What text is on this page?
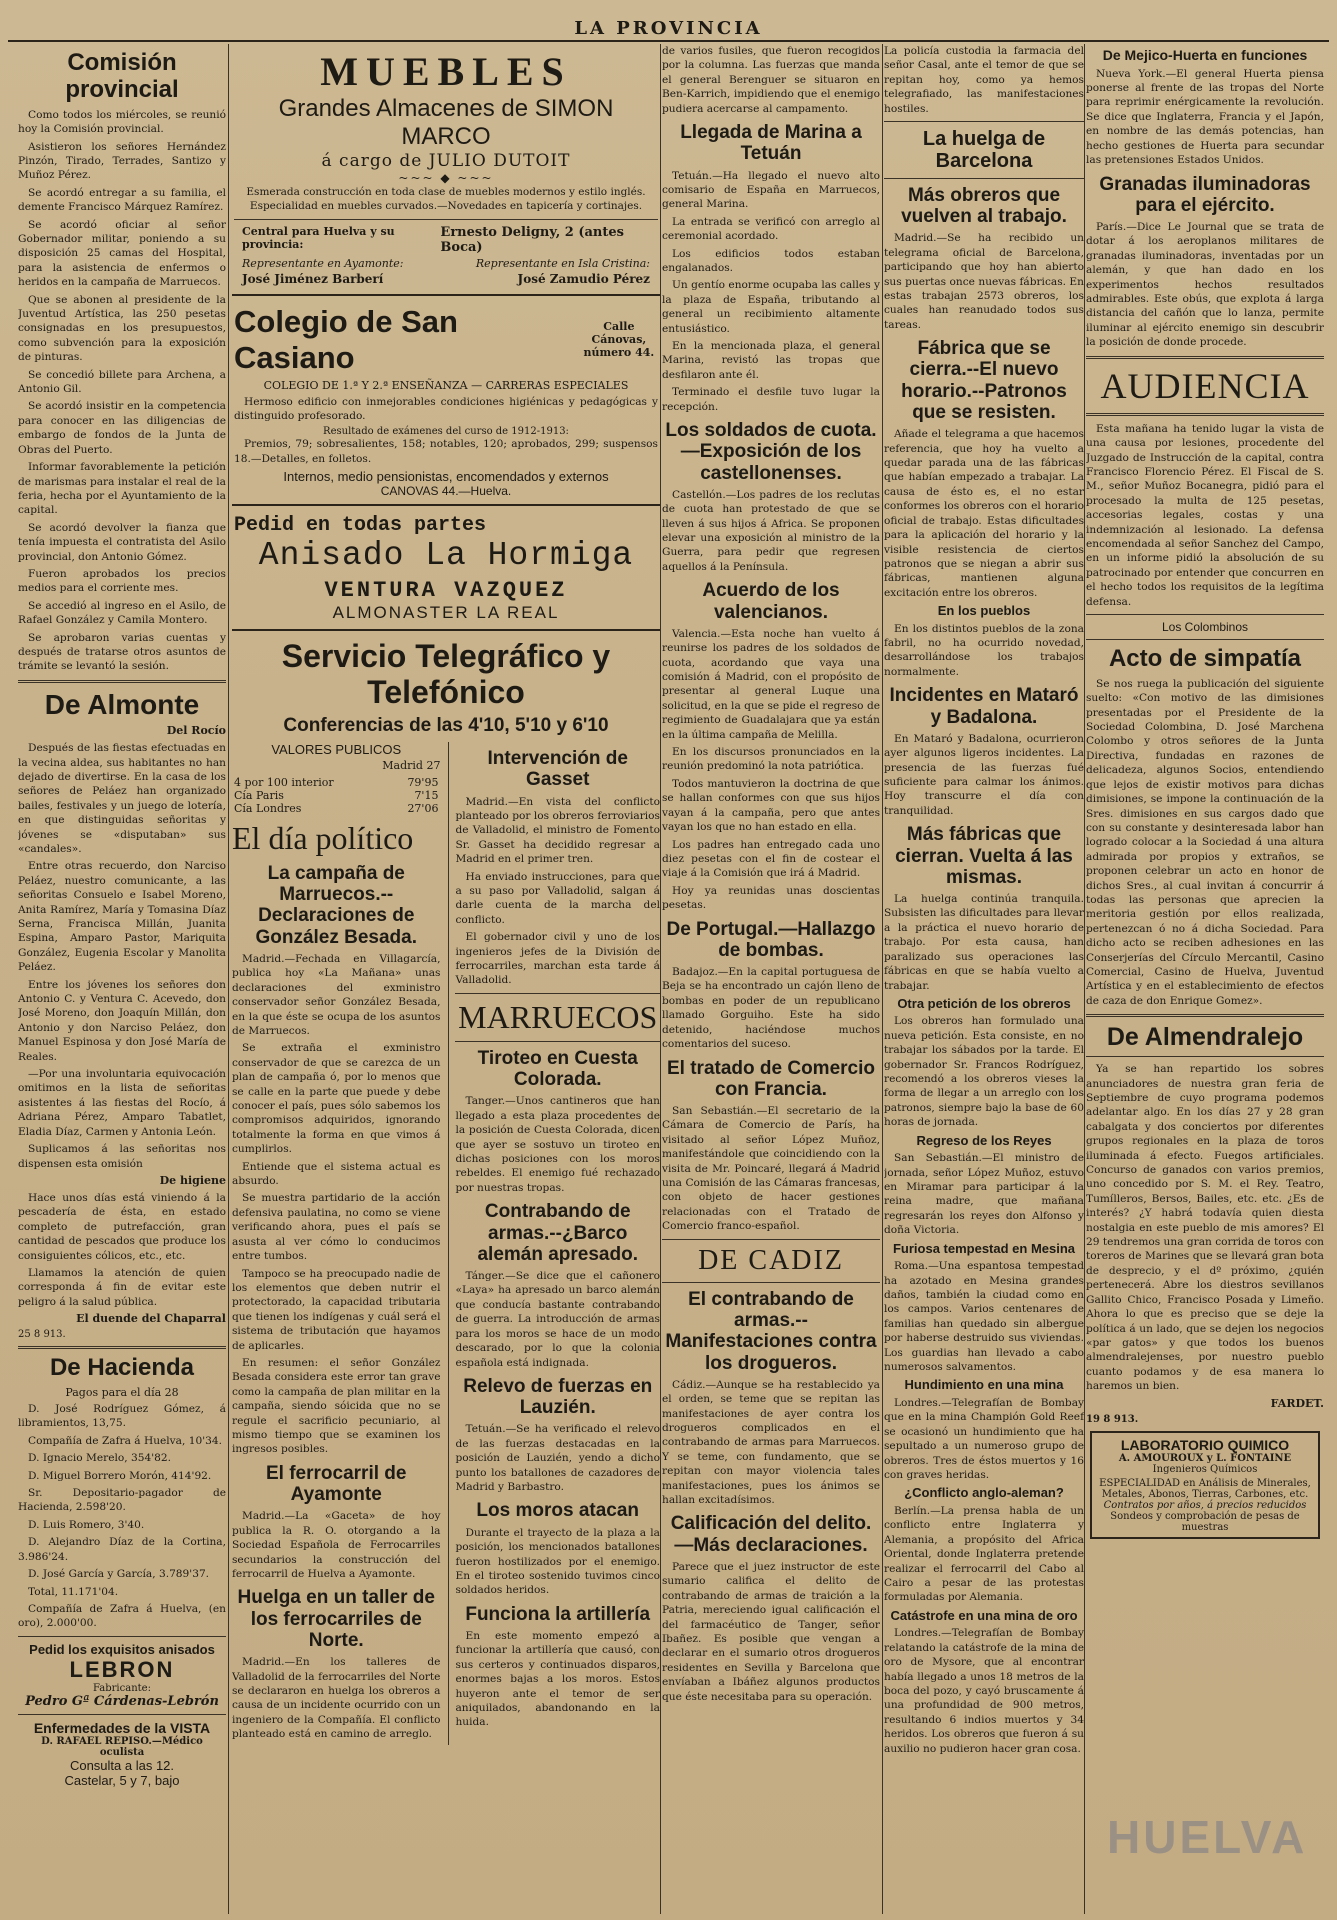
LA PROVINCIA
Comisión provincial

Como todos los miércoles, se reunió hoy la Comisión provincial.

Asistieron los señores Hernández Pinzón, Tirado, Terrades, Santizo y Muñoz Pérez.

Se acordó entregar a su familia, el demente Francisco Márquez Ramírez.

Se acordó oficiar al señor Gobernador militar, poniendo a su disposición 25 camas del Hospital, para la asistencia de enfermos o heridos en la campaña de Marruecos.

Que se abonen al presidente de la Juventud Artística, las 250 pesetas consignadas en los presupuestos, como subvención para la exposición de pinturas.

Se concedió billete para Archena, a Antonio Gil.

Se acordó insistir en la competencia para conocer en las diligencias de embargo de fondos de la Junta de Obras del Puerto.

Informar favorablemente la petición de marismas para instalar el real de la feria, hecha por el Ayuntamiento de la capital.

Se acordó devolver la fianza que tenía impuesta el contratista del Asilo provincial, don Antonio Gómez.

Fueron aprobados los precios medios para el corriente mes.

Se accedió al ingreso en el Asilo, de Rafael González y Camila Montero.

Se aprobaron varias cuentas y después de tratarse otros asuntos de trámite se levantó la sesión.

De Almonte
Del Rocío

Después de las fiestas efectuadas en la vecina aldea, sus habitantes no han dejado de divertirse. En la casa de los señores de Peláez han organizado bailes, festivales y un juego de lotería, en que distinguidas señoritas y jóvenes se «disputaban» sus «candales».

Entre otras recuerdo, don Narciso Peláez, nuestro comunicante, a las señoritas Consuelo e Isabel Moreno, Anita Ramírez, María y Tomasina Díaz Serna, Francisca Millán, Juanita Espina, Amparo Pastor, Mariquita González, Eugenia Escolar y Manolita Peláez.

Entre los jóvenes los señores don Antonio C. y Ventura C. Acevedo, don José Moreno, don Joaquín Millán, don Antonio y don Narciso Peláez, don Manuel Espinosa y don José María de Reales.

—Por una involuntaria equivocación omitimos en la lista de señoritas asistentes á las fiestas del Rocío, á Adriana Pérez, Amparo Tabatlet, Eladia Díaz, Carmen y Antonia León.

Suplicamos á las señoritas nos dispensen esta omisión

De higiene

Hace unos días está viniendo á la pescadería de ésta, en estado completo de putrefacción, gran cantidad de pescados que produce los consiguientes cólicos, etc., etc.

Llamamos la atención de quien corresponda á fin de evitar este peligro á la salud pública.

El duende del Chaparral
25 8 913.
De Hacienda
Pagos para el día 28

D. José Rodríguez Gómez, á libramientos, 13,75.

Compañía de Zafra á Huelva, 10'34.

D. Ignacio Merelo, 354'82.

D. Miguel Borrero Morón, 414'92.

Sr. Depositario-pagador de Hacienda, 2.598'20.

D. Luis Romero, 3'40.

D. Alejandro Díaz de la Cortina, 3.986'24.

D. José García y García, 3.789'37.

Total, 11.171'04.

Compañía de Zafra á Huelva, (en oro), 2.000'00.

Pedid los exquisitos anisados
LEBRON
Fabricante:
Pedro Gª Cárdenas-Lebrón
Enfermedades de la VISTA
D. RAFAEL REPISO.—Médico oculista
Consulta a las 12.
Castelar, 5 y 7, bajo
MUEBLES
Grandes Almacenes de SIMON MARCO
á cargo de JULIO DUTOIT
~~~ ◆ ~~~

Esmerada construcción en toda clase de muebles modernos y estilo inglés. Especialidad en muebles curvados.—Novedades en tapicería y cortinajes.

Central para Huelva y su provincia:
Ernesto Deligny, 2 (antes Boca)
Representante en Ayamonte:	Representante en Isla Cristina:
José Jiménez Barberí	José Zamudio Pérez
Colegio de San Casiano
Calle Cánovas, número 44.
COLEGIO DE 1.ª Y 2.ª ENSEÑANZA — CARRERAS ESPECIALES

Hermoso edificio con inmejorables condiciones higiénicas y pedagógicas y distinguido profesorado.

Resultado de exámenes del curso de 1912-1913:

Premios, 79; sobresalientes, 158; notables, 120; aprobados, 299; suspensos 18.—Detalles, en folletos.

Internos, medio pensionistas, encomendados y externos
CANOVAS 44.—Huelva.
Pedid en todas partes
Anisado La Hormiga
VENTURA VAZQUEZ
ALMONASTER LA REAL
Servicio Telegráfico y Telefónico
Conferencias de las 4'10, 5'10 y 6'10
VALORES PUBLICOS
Madrid 27
4 por 100 interior	79'95
Cía Paris	7'15
Cía Londres	27'06
El día político
La campaña de Marruecos.--Declaraciones de González Besada.

Madrid.—Fechada en Villagarcía, publica hoy «La Mañana» unas declaraciones del exministro conservador señor González Besada, en la que éste se ocupa de los asuntos de Marruecos.

Se extraña el exministro conservador de que se carezca de un plan de campaña ó, por lo menos que se calle en la parte que puede y debe conocer el país, pues sólo sabemos los compromisos adquiridos, ignorando totalmente la forma en que vimos á cumplirlos.

Entiende que el sistema actual es absurdo.

Se muestra partidario de la acción defensiva paulatina, no como se viene verificando ahora, pues el país se asusta al ver cómo lo conducimos entre tumbos.

Tampoco se ha preocupado nadie de los elementos que deben nutrir el protectorado, la capacidad tributaria que tienen los indígenas y cuál será el sistema de tributación que hayamos de aplicarles.

En resumen: el señor González Besada considera este error tan grave como la campaña de plan militar en la campaña, siendo sóicida que no se regule el sacrificio pecuniario, al mismo tiempo que se examinen los ingresos posibles.

El ferrocarril de Ayamonte

Madrid.—La «Gaceta» de hoy publica la R. O. otorgando a la Sociedad Española de Ferrocarriles secundarios la construcción del ferrocarril de Huelva a Ayamonte.

Huelga en un taller de los ferrocarriles de Norte.

Madrid.—En los talleres de Valladolid de la ferrocarriles del Norte se declararon en huelga los obreros a causa de un incidente ocurrido con un ingeniero de la Compañía. El conflicto planteado está en camino de arreglo.

Intervención de Gasset

Madrid.—En vista del conflicto planteado por los obreros ferroviarios de Valladolid, el ministro de Fomento Sr. Gasset ha decidido regresar a Madrid en el primer tren.

Ha enviado instrucciones, para que a su paso por Valladolid, salgan á darle cuenta de la marcha del conflicto.

El gobernador civil y uno de los ingenieros jefes de la División de ferrocarriles, marchan esta tarde á Valladolid.

MARRUECOS
Tiroteo en Cuesta Colorada.

Tanger.—Unos cantineros que han llegado a esta plaza procedentes de la posición de Cuesta Colorada, dicen que ayer se sostuvo un tiroteo en dichas posiciones con los moros rebeldes. El enemigo fué rechazado por nuestras tropas.

Contrabando de armas.--¿Barco alemán apresado.

Tánger.—Se dice que el cañonero «Laya» ha apresado un barco alemán que conducía bastante contrabando de guerra. La introducción de armas para los moros se hace de un modo descarado, por lo que la colonia española está indignada.

Relevo de fuerzas en Lauzién.

Tetuán.—Se ha verificado el relevo de las fuerzas destacadas en la posición de Lauzién, yendo a dicho punto los batallones de cazadores de Madrid y Barbastro.

Los moros atacan

Durante el trayecto de la plaza a la posición, los mencionados batallones fueron hostilizados por el enemigo. En el tiroteo sostenido tuvimos cinco soldados heridos.

Funciona la artillería

En este momento empezó a funcionar la artillería que causó, con sus certeros y continuados disparos, enormes bajas a los moros. Estos huyeron ante el temor de ser aniquilados, abandonando en la huida.

de varios fusiles, que fueron recogidos por la columna. Las fuerzas que manda el general Berenguer se situaron en Ben-Karrich, impidiendo que el enemigo pudiera acercarse al campamento.

Llegada de Marina a Tetuán

Tetuán.—Ha llegado el nuevo alto comisario de España en Marruecos, general Marina.

La entrada se verificó con arreglo al ceremonial acordado.

Los edificios todos estaban engalanados.

Un gentío enorme ocupaba las calles y la plaza de España, tributando al general un recibimiento altamente entusiástico.

En la mencionada plaza, el general Marina, revistó las tropas que desfilaron ante él.

Terminado el desfile tuvo lugar la recepción.

Los soldados de cuota.—Exposición de los castellonenses.

Castellón.—Los padres de los reclutas de cuota han protestado de que se lleven á sus hijos á Africa. Se proponen elevar una exposición al ministro de la Guerra, para pedir que regresen aquellos á la Península.

Acuerdo de los valencianos.

Valencia.—Esta noche han vuelto á reunirse los padres de los soldados de cuota, acordando que vaya una comisión á Madrid, con el propósito de presentar al general Luque una solicitud, en la que se pide el regreso de regimiento de Guadalajara que ya están en la última campaña de Melilla.

En los discursos pronunciados en la reunión predominó la nota patriótica.

Todos mantuvieron la doctrina de que se hallan conformes con que sus hijos vayan á la campaña, pero que antes vayan los que no han estado en ella.

Los padres han entregado cada uno diez pesetas con el fin de costear el viaje á la Comisión que irá á Madrid.

Hoy ya reunidas unas doscientas pesetas.

De Portugal.—Hallazgo de bombas.

Badajoz.—En la capital portuguesa de Beja se ha encontrado un cajón lleno de bombas en poder de un republicano llamado Gorguiho. Este ha sido detenido, haciéndose muchos comentarios del suceso.

El tratado de Comercio con Francia.

San Sebastián.—El secretario de la Cámara de Comercio de París, ha visitado al señor López Muñoz, manifestándole que coincidiendo con la visita de Mr. Poincaré, llegará á Madrid una Comisión de las Cámaras francesas, con objeto de hacer gestiones relacionadas con el Tratado de Comercio franco-español.

DE CADIZ
El contrabando de armas.--Manifestaciones contra los drogueros.

Cádiz.—Aunque se ha restablecido ya el orden, se teme que se repitan las manifestaciones de ayer contra los drogueros complicados en el contrabando de armas para Marruecos. Y se teme, con fundamento, que se repitan con mayor violencia tales manifestaciones, pues los ánimos se hallan excitadísimos.

Calificación del delito.—Más declaraciones.

Parece que el juez instructor de este sumario califica el delito de contrabando de armas de traición a la Patria, mereciendo igual calificación el del farmacéutico de Tanger, señor Ibañez. Es posible que vengan a declarar en el sumario otros drogueros residentes en Sevilla y Barcelona que envíaban a Ibáñez algunos productos que éste necesitaba para su operación.

La policía custodia la farmacia del señor Casal, ante el temor de que se repitan hoy, como ya hemos telegrafiado, las manifestaciones hostiles.

La huelga de Barcelona
Más obreros que vuelven al trabajo.

Madrid.—Se ha recibido un telegrama oficial de Barcelona, participando que hoy han abierto sus puertas once nuevas fábricas. En estas trabajan 2573 obreros, los cuales han reanudado todos sus tareas.

Fábrica que se cierra.--El nuevo horario.--Patronos que se resisten.

Añade el telegrama a que hacemos referencia, que hoy ha vuelto a quedar parada una de las fábricas que habían empezado a trabajar. La causa de ésto es, el no estar conformes los obreros con el horario oficial de trabajo. Estas dificultades para la aplicación del horario y la visible resistencia de ciertos patronos que se niegan a abrir sus fábricas, mantienen alguna excitación entre los obreros.

En los pueblos

En los distintos pueblos de la zona fabril, no ha ocurrido novedad, desarrollándose los trabajos normalmente.

Incidentes en Mataró y Badalona.

En Mataró y Badalona, ocurrieron ayer algunos ligeros incidentes. La presencia de las fuerzas fué suficiente para calmar los ánimos. Hoy transcurre el día con tranquilidad.

Más fábricas que cierran. Vuelta á las mismas.

La huelga continúa tranquila. Subsisten las dificultades para llevar a la práctica el nuevo horario de trabajo. Por esta causa, han paralizado sus operaciones las fábricas en que se había vuelto a trabajar.

Otra petición de los obreros

Los obreros han formulado una nueva petición. Esta consiste, en no trabajar los sábados por la tarde. El gobernador Sr. Francos Rodríguez, recomendó a los obreros vieses la forma de llegar a un arreglo con los patronos, siempre bajo la base de 60 horas de jornada.

Regreso de los Reyes

San Sebastián.—El ministro de jornada, señor López Muñoz, estuvo en Miramar para participar á la reina madre, que mañana regresarán los reyes don Alfonso y doña Victoria.

Furiosa tempestad en Mesina

Roma.—Una espantosa tempestad ha azotado en Mesina grandes daños, también la ciudad como en los campos. Varios centenares de familias han quedado sin albergue por haberse destruido sus viviendas. Los guardias han llevado a cabo numerosos salvamentos.

Hundimiento en una mina

Londres.—Telegrafían de Bombay que en la mina Champión Gold Reef se ocasionó un hundimiento que ha sepultado a un numeroso grupo de obreros. Tres de éstos muertos y 16 con graves heridas.

¿Conflicto anglo-aleman?

Berlín.—La prensa habla de un conflicto entre Inglaterra y Alemania, a propósito del Africa Oriental, donde Inglaterra pretende realizar el ferrocarril del Cabo al Cairo a pesar de las protestas formuladas por Alemania.

Catástrofe en una mina de oro

Londres.—Telegrafían de Bombay relatando la catástrofe de la mina de oro de Mysore, que al encontrar había llegado a unos 18 metros de la boca del pozo, y cayó bruscamente á una profundidad de 900 metros, resultando 6 indios muertos y 34 heridos. Los obreros que fueron á su auxilio no pudieron hacer gran cosa.

De Mejico-Huerta en funciones

Nueva York.—El general Huerta piensa ponerse al frente de las tropas del Norte para reprimir enérgicamente la revolución. Se dice que Inglaterra, Francia y el Japón, en nombre de las demás potencias, han hecho gestiones de Huerta para secundar las pretensiones Estados Unidos.

Granadas iluminadoras para el ejército.

París.—Dice Le Journal que se trata de dotar á los aeroplanos militares de granadas iluminadoras, inventadas por un alemán, y que han dado en los experimentos hechos resultados admirables. Este obús, que explota á larga distancia del cañón que lo lanza, permite iluminar al ejército enemigo sin descubrir la posición de donde procede.

AUDIENCIA

Esta mañana ha tenido lugar la vista de una causa por lesiones, procedente del Juzgado de Instrucción de la capital, contra Francisco Florencio Pérez. El Fiscal de S. M., señor Muñoz Bocanegra, pidió para el procesado la multa de 125 pesetas, accesorias legales, costas y una indemnización al lesionado. La defensa encomendada al señor Sanchez del Campo, en un informe pidió la absolución de su patrocinado por entender que concurren en el hecho todos los requisitos de la legítima defensa.

Los Colombinos
Acto de simpatía

Se nos ruega la publicación del siguiente suelto: «Con motivo de las dimisiones presentadas por el Presidente de la Sociedad Colombina, D. José Marchena Colombo y otros señores de la Junta Directiva, fundadas en razones de delicadeza, algunos Socios, entendiendo que lejos de existir motivos para dichas dimisiones, se impone la continuación de la Sres. dimisiones en sus cargos dado que con su constante y desinteresada labor han logrado colocar a la Sociedad á una altura admirada por propios y extraños, se proponen celebrar un acto en honor de dichos Sres., al cual invitan á concurrir á todas las personas que aprecien la meritoria gestión por ellos realizada, pertenezcan ó no á dicha Sociedad. Para dicho acto se reciben adhesiones en las Conserjerías del Círculo Mercantil, Casino Comercial, Casino de Huelva, Juventud Artística y en el establecimiento de efectos de caza de don Enrique Gomez».

De Almendralejo

Ya se han repartido los sobres anunciadores de nuestra gran feria de Septiembre de cuyo programa podemos adelantar algo. En los días 27 y 28 gran cabalgata y dos conciertos por diferentes grupos regionales en la plaza de toros iluminada á efecto. Fuegos artificiales. Concurso de ganados con varios premios, uno concedido por S. M. el Rey. Teatro, Tumílleros, Bersos, Bailes, etc. etc. ¿Es de interés? ¿Y habrá todavía quien diesta nostalgia en este pueblo de mis amores? El 29 tendremos una gran corrida de toros con toreros de Marines que se llevará gran bota de desprecio, y el dº próximo, ¿quién pertenecerá. Abre los diestros sevillanos Gallito Chico, Francisco Posada y Limeño. Ahora lo que es preciso que se deje la política á un lado, que se dejen los negocios «par gatos» y que todos los buenos almendralejenses, por nuestro pueblo cuanto podamos y de esa manera lo haremos un bien.

FARDET.
19 8 913.
LABORATORIO QUIMICO
A. AMOUROUX y L. FONTAINE
Ingenieros Químicos
ESPECIALIDAD en Análisis de Minerales, Metales, Abonos, Tierras, Carbones, etc.
Contratos por años, á precios reducidos
Sondeos y comprobación de pesas de muestras
HUELVA
